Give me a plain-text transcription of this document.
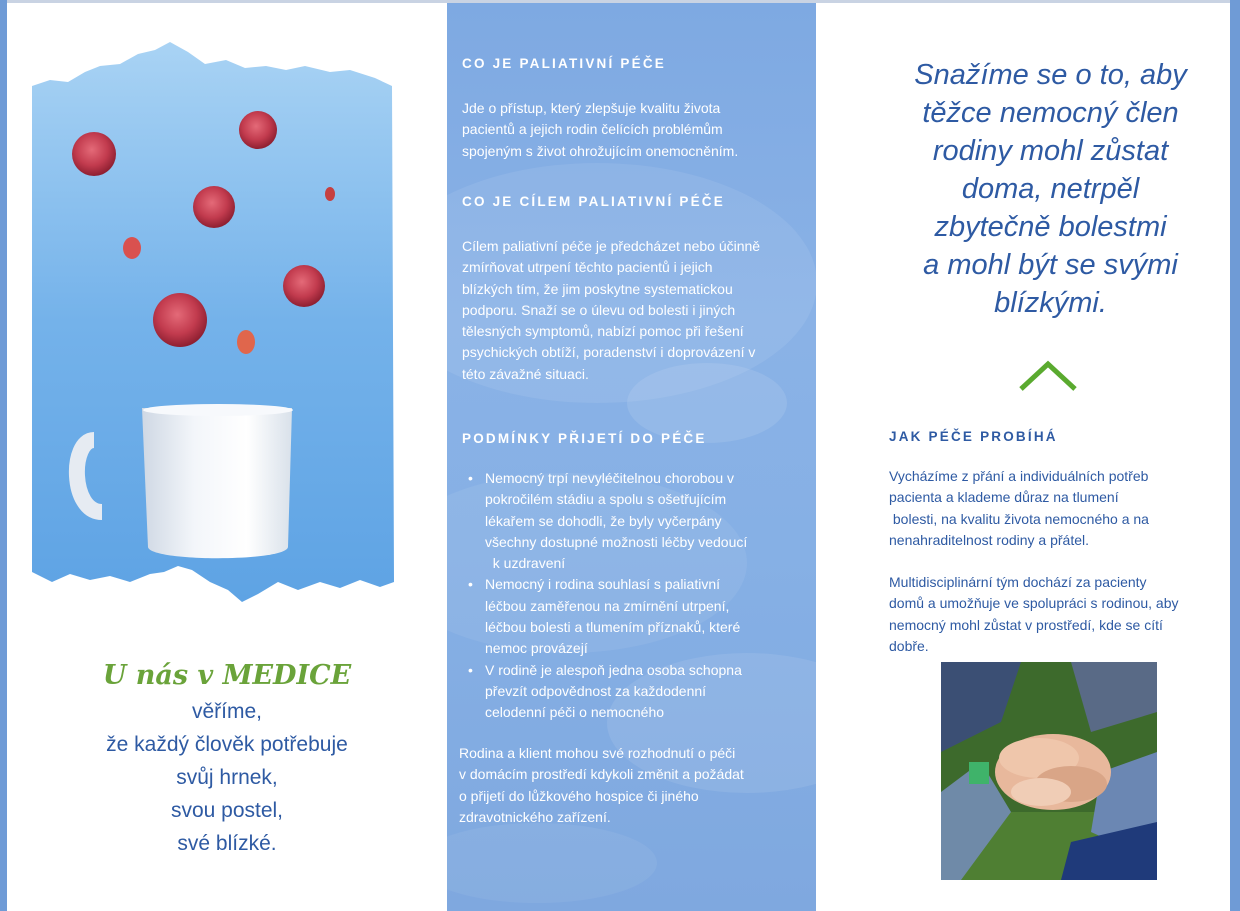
U nás v MEDICE

věříme,

že každý člověk potřebuje

svůj hrnek,

svou postel,

své blízké.

CO JE PALIATIVNÍ PÉČE

Jde o přístup, který zlepšuje kvalitu života
pacientů a jejich rodin čelících problémům
spojeným s život ohrožujícím onemocněním.

CO JE CÍLEM PALIATIVNÍ PÉČE

Cílem paliativní péče je předcházet nebo účinně
zmírňovat utrpení těchto pacientů i jejich
blízkých tím, že jim poskytne systematickou
podporu. Snaží se o úlevu od bolesti i jiných
tělesných symptomů, nabízí pomoc při řešení
psychických obtíží, poradenství i doprovázení v
této závažné situaci.

PODMÍNKY PŘIJETÍ DO PÉČE

• Nemocný trpí nevyléčitelnou chorobou v
pokročilém stádiu a spolu s ošetřujícím
lékařem se dohodli, že byly vyčerpány
všechny dostupné možnosti léčby vedoucí
k uzdravení
• Nemocný i rodina souhlasí s paliativní
léčbou zaměřenou na zmírnění utrpení,
léčbou bolesti a tlumením příznaků, které
nemoc provázejí
• V rodině je alespoň jedna osoba schopna
převzít odpovědnost za každodenní
celodenní péči o nemocného

Rodina a klient mohou své rozhodnutí o péči
v domácím prostředí kdykoli změnit a požádat
o přijetí do lůžkového hospice či jiného
zdravotnického zařízení.

Snažíme se o to, aby
těžce nemocný člen
rodiny mohl zůstat
doma, netrpěl
zbytečně bolestmi
a mohl být se svými
blízkými.

JAK PÉČE PROBÍHÁ

Vycházíme z přání a individuálních potřeb
pacienta a klademe důraz na tlumení
bolesti, na kvalitu života nemocného a na
nenahraditelnost rodiny a přátel.

Multidisciplinární tým dochází za pacienty
domů a umožňuje ve spolupráci s rodinou, aby
nemocný mohl zůstat v prostředí, kde se cítí
dobře.
